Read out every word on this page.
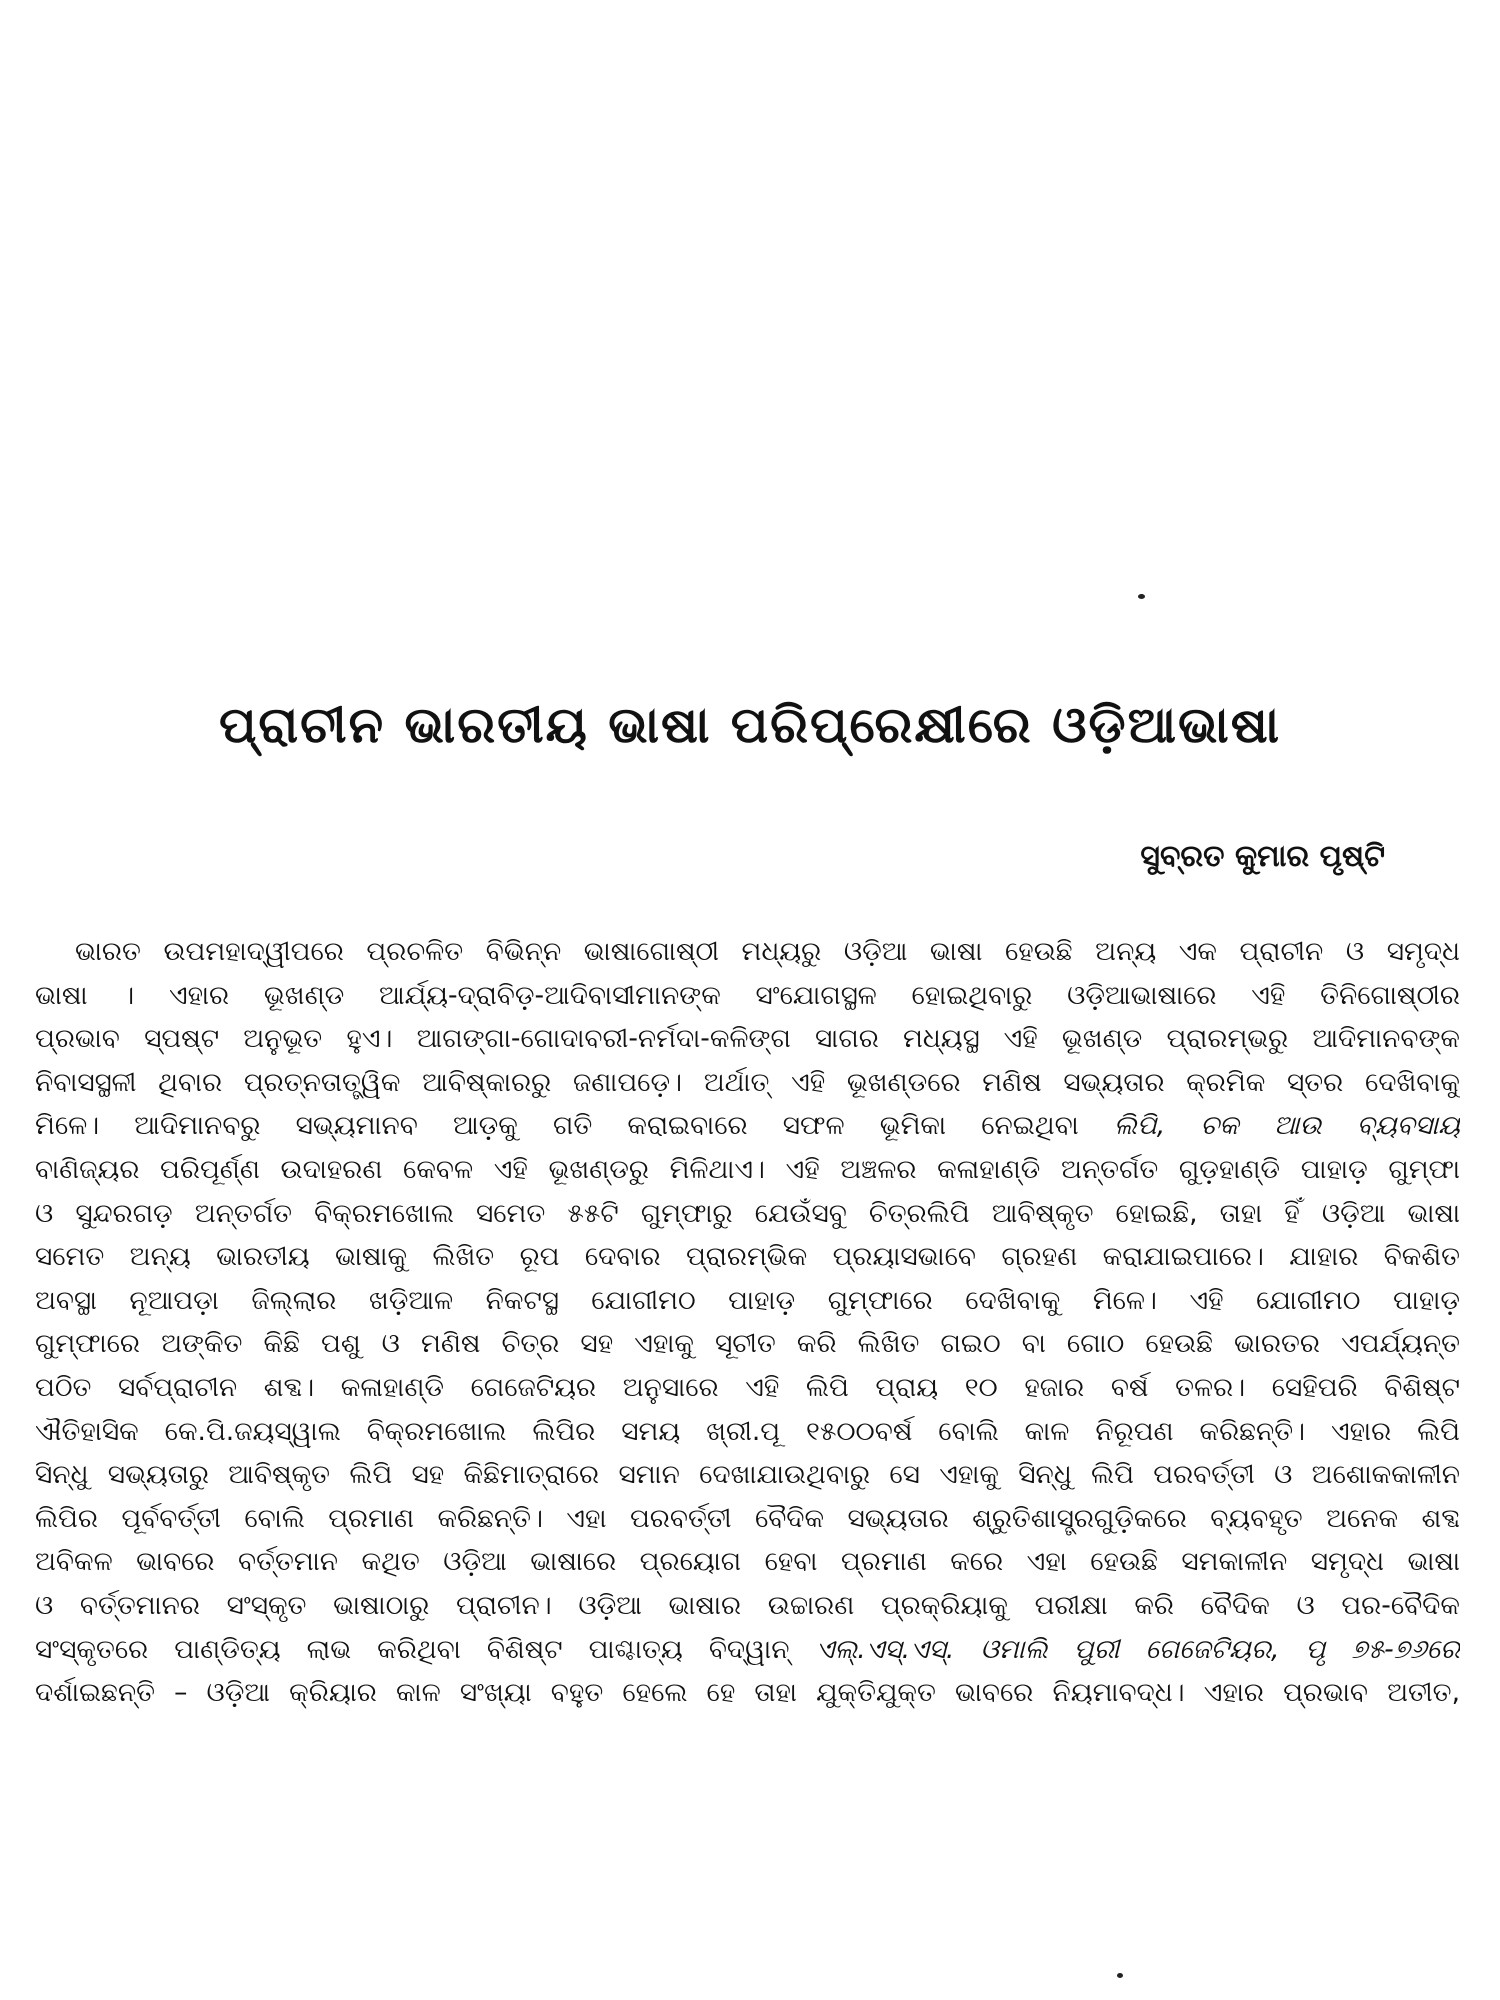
ପ୍ରାଚୀନ ଭାରତୀୟ ଭାଷା ପରିପ୍ରେକ୍ଷୀରେ ଓଡ଼ିଆଭାଷା

ସୁବ୍ରତ କୁମାର ପୃଷ୍ଟି

ଭାରତ ଉପମହାଦ୍ୱୀପରେ ପ୍ରଚଳିତ ବିଭିନ୍ନ ଭାଷାଗୋଷ୍ଠୀ ମଧ୍ୟରୁ ଓଡ଼ିଆ ଭାଷା ହେଉଛି ଅନ୍ୟ ଏକ ପ୍ରାଚୀନ ଓ ସମୃଦ୍ଧ
ଭାଷା । ଏହାର ଭୂଖଣ୍ଡ ଆର୍ଯ୍ୟ-ଦ୍ରାବିଡ଼-ଆଦିବାସୀମାନଙ୍କ ସଂଯୋଗସ୍ଥଳ ହୋଇଥିବାରୁ ଓଡ଼ିଆଭାଷାରେ ଏହି ତିନିଗୋଷ୍ଠୀର
ପ୍ରଭାବ ସ୍ପଷ୍ଟ ଅନୁଭୂତ ହୁଏ। ଆଗଙ୍ଗା-ଗୋଦାବରୀ-ନର୍ମଦା-କଳିଙ୍ଗ ସାଗର ମଧ୍ୟସ୍ଥ ଏହି ଭୂଖଣ୍ଡ ପ୍ରାରମ୍ଭରୁ ଆଦିମାନବଙ୍କ
ନିବାସସ୍ଥଳୀ ଥିବାର ପ୍ରତ୍ନତାତ୍ତ୍ୱିକ ଆବିଷ୍କାରରୁ ଜଣାପଡ଼େ। ଅର୍ଥାତ୍ ଏହି ଭୂଖଣ୍ଡରେ ମଣିଷ ସଭ୍ୟତାର କ୍ରମିକ ସ୍ତର ଦେଖିବାକୁ
ମିଳେ। ଆଦିମାନବରୁ ସଭ୍ୟମାନବ ଆଡ଼କୁ ଗତି କରାଇବାରେ ସଫଳ ଭୂମିକା ନେଇଥିବା ଲିପି, ଚକ ଆଉ ବ୍ୟବସାୟ
ବାଣିଜ୍ୟର ପରିପୂର୍ଣ୍ଣ ଉଦାହରଣ କେବଳ ଏହି ଭୂଖଣ୍ଡରୁ ମିଳିଥାଏ। ଏହି ଅଞ୍ଚଳର କଳାହାଣ୍ଡି ଅନ୍ତର୍ଗତ ଗୁଡ଼ହାଣ୍ଡି ପାହାଡ଼ ଗୁମ୍ଫା
ଓ ସୁନ୍ଦରଗଡ଼ ଅନ୍ତର୍ଗତ ବିକ୍ରମଖୋଲ ସମେତ ୫୫ଟି ଗୁମ୍ଫାରୁ ଯେଉଁସବୁ ଚିତ୍ରଲିପି ଆବିଷ୍କୃତ ହୋଇଛି, ତାହା ହିଁ ଓଡ଼ିଆ ଭାଷା
ସମେତ ଅନ୍ୟ ଭାରତୀୟ ଭାଷାକୁ ଲିଖିତ ରୂପ ଦେବାର ପ୍ରାରମ୍ଭିକ ପ୍ରୟାସଭାବେ ଗ୍ରହଣ କରାଯାଇପାରେ। ଯାହାର ବିକଶିତ
ଅବସ୍ଥା ନୂଆପଡ଼ା ଜିଲ୍ଲାର ଖଡ଼ିଆଳ ନିକଟସ୍ଥ ଯୋଗୀମଠ ପାହାଡ଼ ଗୁମ୍ଫାରେ ଦେଖିବାକୁ ମିଳେ। ଏହି ଯୋଗୀମଠ ପାହାଡ଼
ଗୁମ୍ଫାରେ ଅଙ୍କିତ କିଛି ପଶୁ ଓ ମଣିଷ ଚିତ୍ର ସହ ଏହାକୁ ସୂଚୀତ କରି ଲିଖିତ ଗଇଠ ବା ଗୋଠ ହେଉଛି ଭାରତର ଏପର୍ଯ୍ୟନ୍ତ
ପଠିତ ସର୍ବପ୍ରାଚୀନ ଶବ୍ଦ। କଳାହାଣ୍ଡି ଗେଜେଟିୟର ଅନୁସାରେ ଏହି ଲିପି ପ୍ରାୟ ୧୦ ହଜାର ବର୍ଷ ତଳର। ସେହିପରି ବିଶିଷ୍ଟ
ଐତିହାସିକ କେ.ପି.ଜୟସ୍ୱାଲ ବିକ୍ରମଖୋଲ ଲିପିର ସମୟ ଖ୍ରୀ.ପୂ ୧୫୦୦ବର୍ଷ ବୋଲି କାଳ ନିରୂପଣ କରିଛନ୍ତି। ଏହାର ଲିପି
ସିନ୍ଧୁ ସଭ୍ୟତାରୁ ଆବିଷ୍କୃତ ଲିପି ସହ କିଛିମାତ୍ରାରେ ସମାନ ଦେଖାଯାଉଥିବାରୁ ସେ ଏହାକୁ ସିନ୍ଧୁ ଲିପି ପରବର୍ତ୍ତୀ ଓ ଅଶୋକକାଳୀନ
ଲିପିର ପୂର୍ବବର୍ତ୍ତୀ ବୋଲି ପ୍ରମାଣ କରିଛନ୍ତି। ଏହା ପରବର୍ତ୍ତୀ ବୈଦିକ ସଭ୍ୟତାର ଶ୍ରୁତିଶାସ୍ତ୍ରଗୁଡ଼ିକରେ ବ୍ୟବହୃତ ଅନେକ ଶବ୍ଦ
ଅବିକଳ ଭାବରେ ବର୍ତ୍ତମାନ କଥିତ ଓଡ଼ିଆ ଭାଷାରେ ପ୍ରୟୋଗ ହେବା ପ୍ରମାଣ କରେ ଏହା ହେଉଛି ସମକାଳୀନ ସମୃଦ୍ଧ ଭାଷା
ଓ ବର୍ତ୍ତମାନର ସଂସ୍କୃତ ଭାଷାଠାରୁ ପ୍ରାଚୀନ। ଓଡ଼ିଆ ଭାଷାର ଉଚ୍ଚାରଣ ପ୍ରକ୍ରିୟାକୁ ପରୀକ୍ଷା କରି ବୈଦିକ ଓ ପର-ବୈଦିକ
ସଂସ୍କୃତରେ ପାଣ୍ଡିତ୍ୟ ଲାଭ କରିଥିବା ବିଶିଷ୍ଟ ପାଶ୍ଚାତ୍ୟ ବିଦ୍ୱାନ୍ ଏଲ୍.ଏସ୍.ଏସ୍. ଓମାଲି ପୁରୀ ଗେଜେଟିୟର, ପୃ ୭୫-୭୬ରେ
ଦର୍ଶାଇଛନ୍ତି – ଓଡ଼ିଆ କ୍ରିୟାର କାଳ ସଂଖ୍ୟା ବହୁତ ହେଲେ ହେ ତାହା ଯୁକ୍ତିଯୁକ୍ତ ଭାବରେ ନିୟମାବଦ୍ଧ। ଏହାର ପ୍ରଭାବ ଅତୀତ,
